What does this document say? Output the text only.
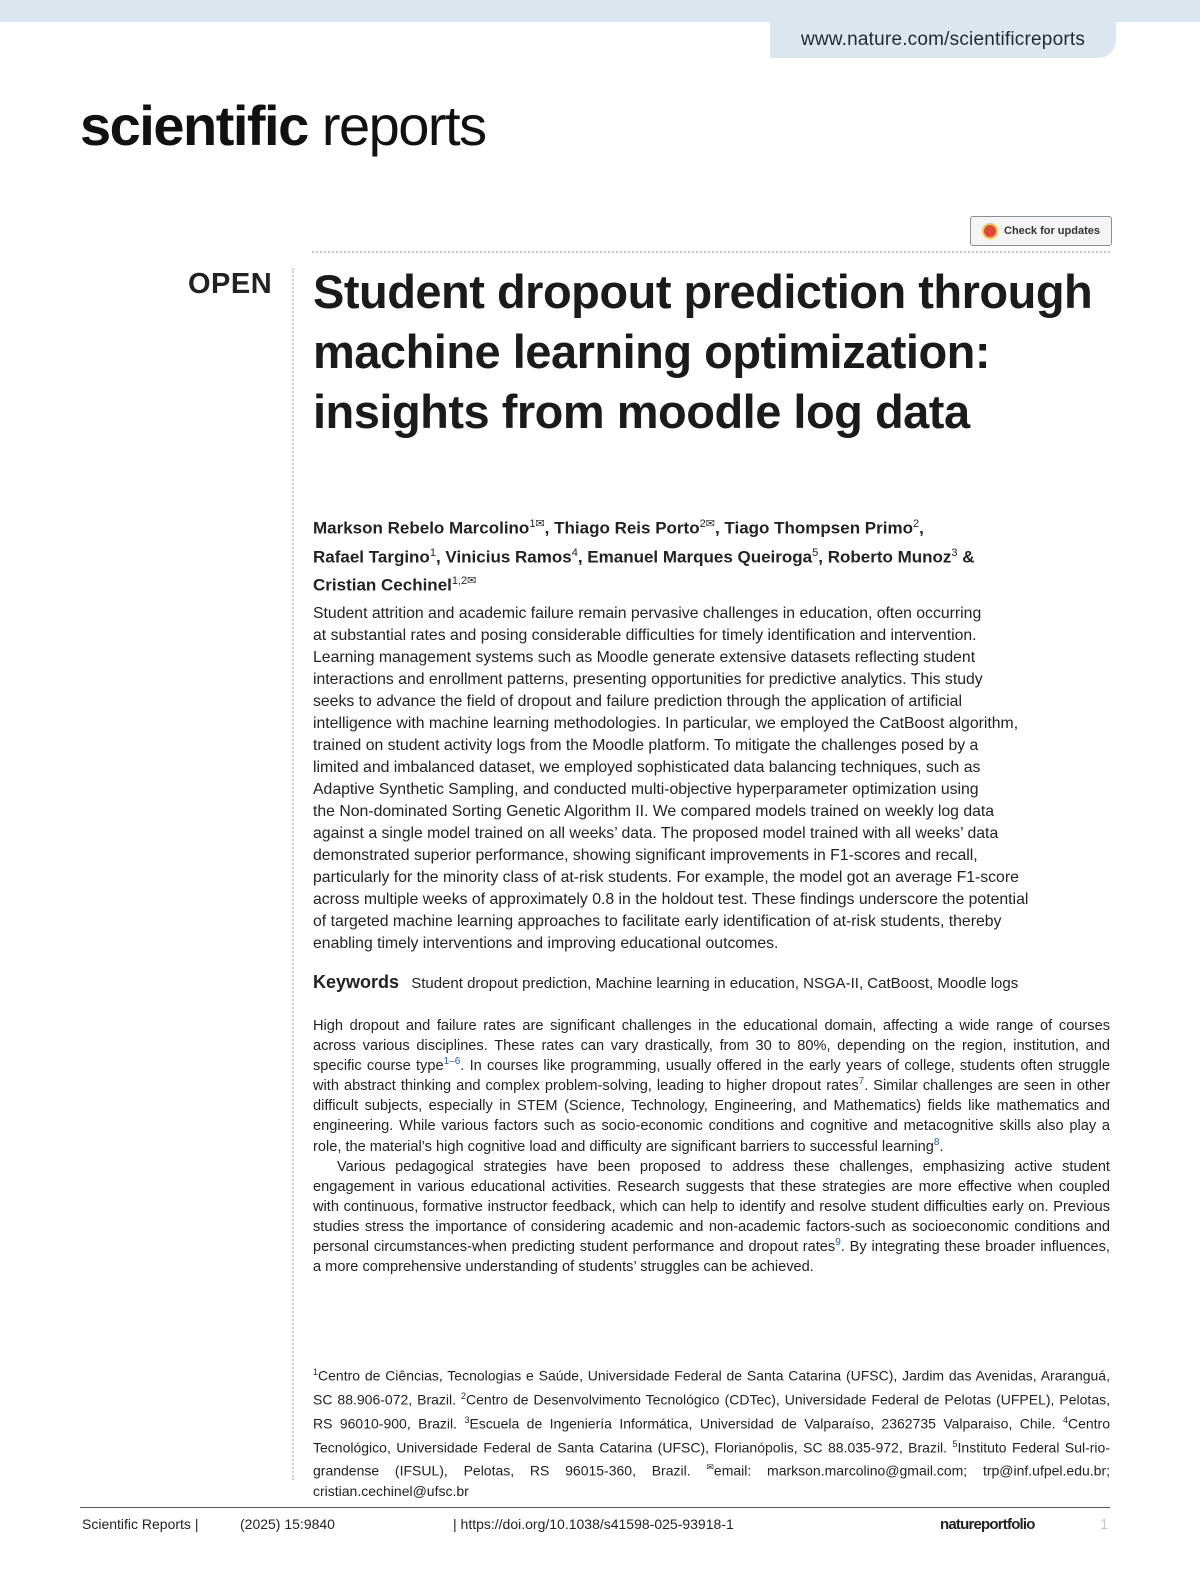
www.nature.com/scientificreports
scientific reports
Check for updates
OPEN Student dropout prediction through machine learning optimization: insights from moodle log data
Markson Rebelo Marcolino$^{1✉}$, Thiago Reis Porto$^{2✉}$, Tiago Thompsen Primo$^2$,
Rafael Targino$^1$, Vinicius Ramos$^4$, Emanuel Marques Queiroga$^5$, Roberto Munoz$^3$ &
Cristian Cechinel$^{1,2✉}$
Student attrition and academic failure remain pervasive challenges in education, often occurring
at substantial rates and posing considerable difficulties for timely identification and intervention.
Learning management systems such as Moodle generate extensive datasets reflecting student
interactions and enrollment patterns, presenting opportunities for predictive analytics. This study
seeks to advance the field of dropout and failure prediction through the application of artificial
intelligence with machine learning methodologies. In particular, we employed the CatBoost algorithm,
trained on student activity logs from the Moodle platform. To mitigate the challenges posed by a
limited and imbalanced dataset, we employed sophisticated data balancing techniques, such as
Adaptive Synthetic Sampling, and conducted multi-objective hyperparameter optimization using
the Non-dominated Sorting Genetic Algorithm II. We compared models trained on weekly log data
against a single model trained on all weeks’ data. The proposed model trained with all weeks’ data
demonstrated superior performance, showing significant improvements in F1-scores and recall,
particularly for the minority class of at-risk students. For example, the model got an average F1-score
across multiple weeks of approximately 0.8 in the holdout test. These findings underscore the potential
of targeted machine learning approaches to facilitate early identification of at-risk students, thereby
enabling timely interventions and improving educational outcomes.
Keywords Student dropout prediction, Machine learning in education, NSGA-II, CatBoost, Moodle logs

High dropout and failure rates are significant challenges in the educational domain, affecting a wide range of courses across various disciplines. These rates can vary drastically, from 30 to 80%, depending on the region, institution, and specific course type$^{1-6}$. In courses like programming, usually offered in the early years of college, students often struggle with abstract thinking and complex problem-solving, leading to higher dropout rates$^7$. Similar challenges are seen in other difficult subjects, especially in STEM (Science, Technology, Engineering, and Mathematics) fields like mathematics and engineering. While various factors such as socio-economic conditions and cognitive and metacognitive skills also play a role, the material’s high cognitive load and difficulty are significant barriers to successful learning$^8$.

Various pedagogical strategies have been proposed to address these challenges, emphasizing active student engagement in various educational activities. Research suggests that these strategies are more effective when coupled with continuous, formative instructor feedback, which can help to identify and resolve student difficulties early on. Previous studies stress the importance of considering academic and non-academic factors-such as socioeconomic conditions and personal circumstances-when predicting student performance and dropout rates$^9$. By integrating these broader influences, a more comprehensive understanding of students’ struggles can be achieved.

$^1$Centro de Ciências, Tecnologias e Saúde, Universidade Federal de Santa Catarina (UFSC), Jardim das Avenidas, Araranguá, SC 88.906-072, Brazil. $^2$Centro de Desenvolvimento Tecnológico (CDTec), Universidade Federal de Pelotas (UFPEL), Pelotas, RS 96010-900, Brazil. $^3$Escuela de Ingeniería Informática, Universidad de Valparaíso, 2362735 Valparaiso, Chile. $^4$Centro Tecnológico, Universidade Federal de Santa Catarina (UFSC), Florianópolis, SC 88.035-972, Brazil. $^5$Instituto Federal Sul-rio-grandense (IFSUL), Pelotas, RS 96015-360, Brazil. ✉email: markson.marcolino@gmail.com; trp@inf.ufpel.edu.br; cristian.cechinel@ufsc.br
Scientific Reports |	(2025) 15:9840	| https://doi.org/10.1038/s41598-025-93918-1	natureportfolio	1
